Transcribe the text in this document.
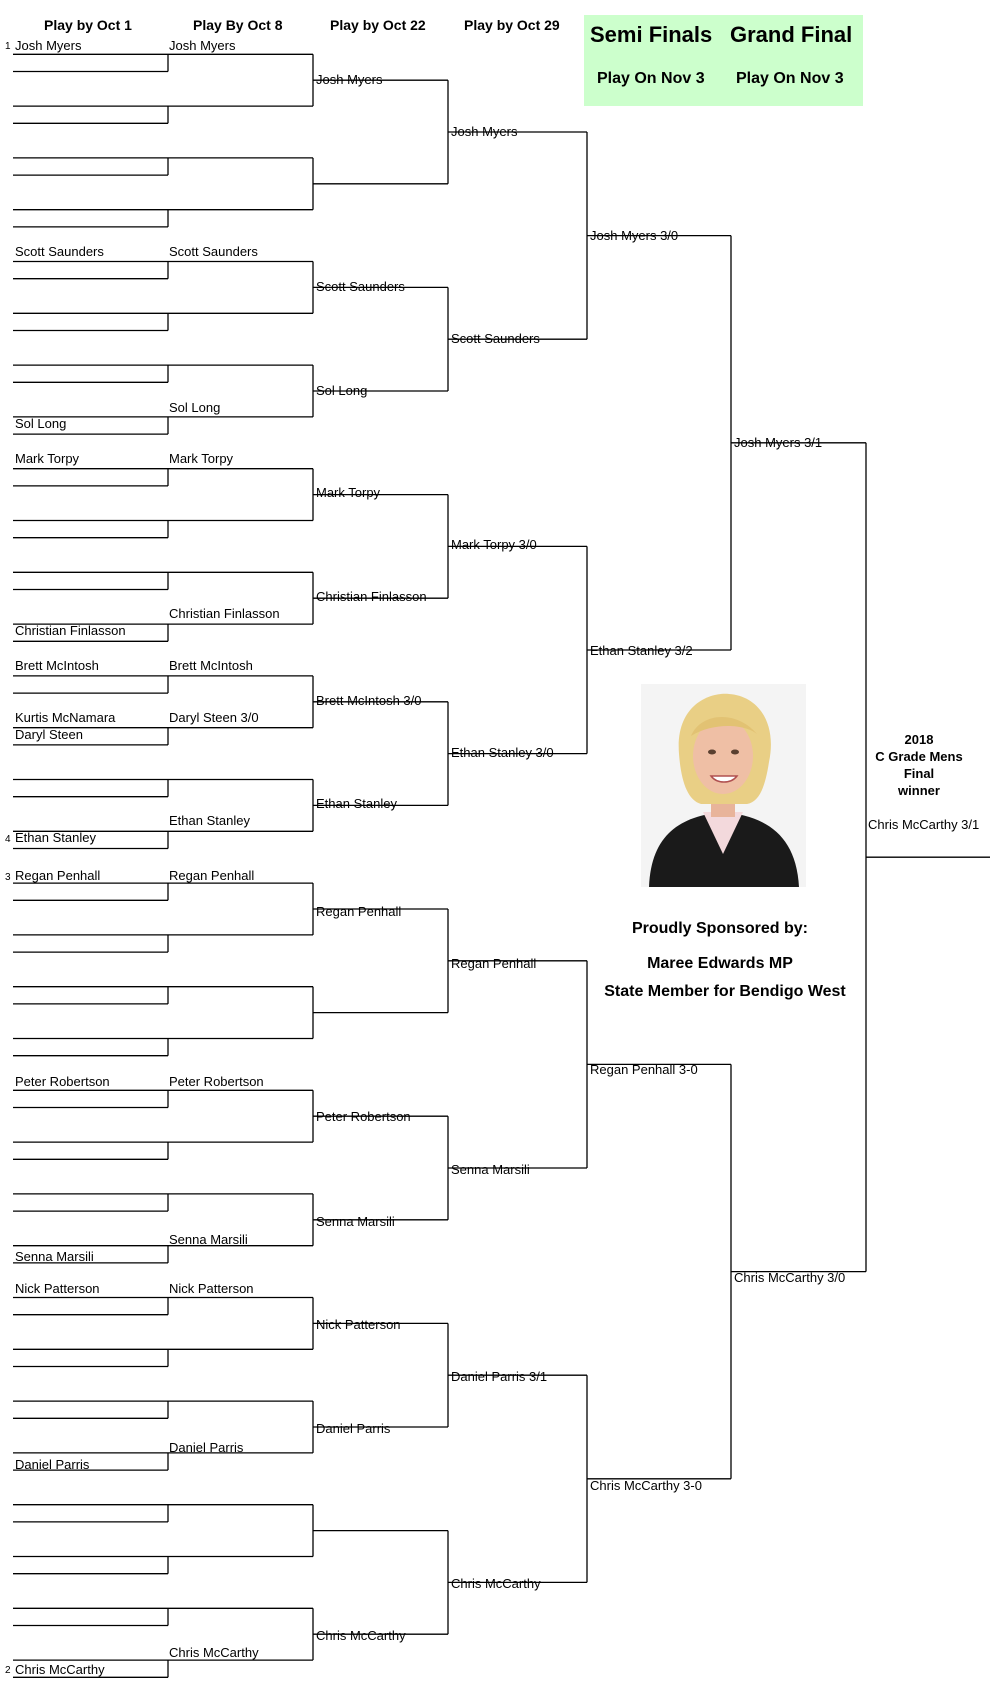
Play by Oct 1	Play By Oct 8	Play by Oct 22	Play by Oct 29 Semi Finals Grand Final
Play On Nov 3 Play On Nov 3
1
2
3
4
Josh Myers
Scott Saunders
Sol Long
Mark Torpy
Christian Finlasson
Brett McIntosh
Kurtis McNamara
Daryl Steen
Ethan Stanley
Regan Penhall
Peter Robertson
Senna Marsili
Nick Patterson
Daniel Parris
Chris McCarthy
Josh Myers
Scott Saunders
Sol Long
Mark Torpy
Christian Finlasson
Brett McIntosh
Daryl Steen 3/0
Ethan Stanley
Regan Penhall
Peter Robertson
Senna Marsili
Nick Patterson
Daniel Parris
Chris McCarthy
Josh Myers
Scott Saunders
Sol Long
Mark Torpy
Christian Finlasson
Brett McIntosh 3/0
Ethan Stanley
Regan Penhall
Peter Robertson
Senna Marsili
Nick Patterson
Daniel Parris
Chris McCarthy
Josh Myers
Scott Saunders
Mark Torpy 3/0
Ethan Stanley 3/0
Regan Penhall
Senna Marsili
Daniel Parris 3/1
Chris McCarthy
Josh Myers 3/0
Ethan Stanley 3/2
Regan Penhall 3-0
Chris McCarthy 3-0
Josh Myers 3/1
Chris McCarthy 3/0
2018
C Grade Mens
Final
winner
Chris McCarthy 3/1
Proudly Sponsored by:
Maree Edwards MP
State Member for Bendigo West
